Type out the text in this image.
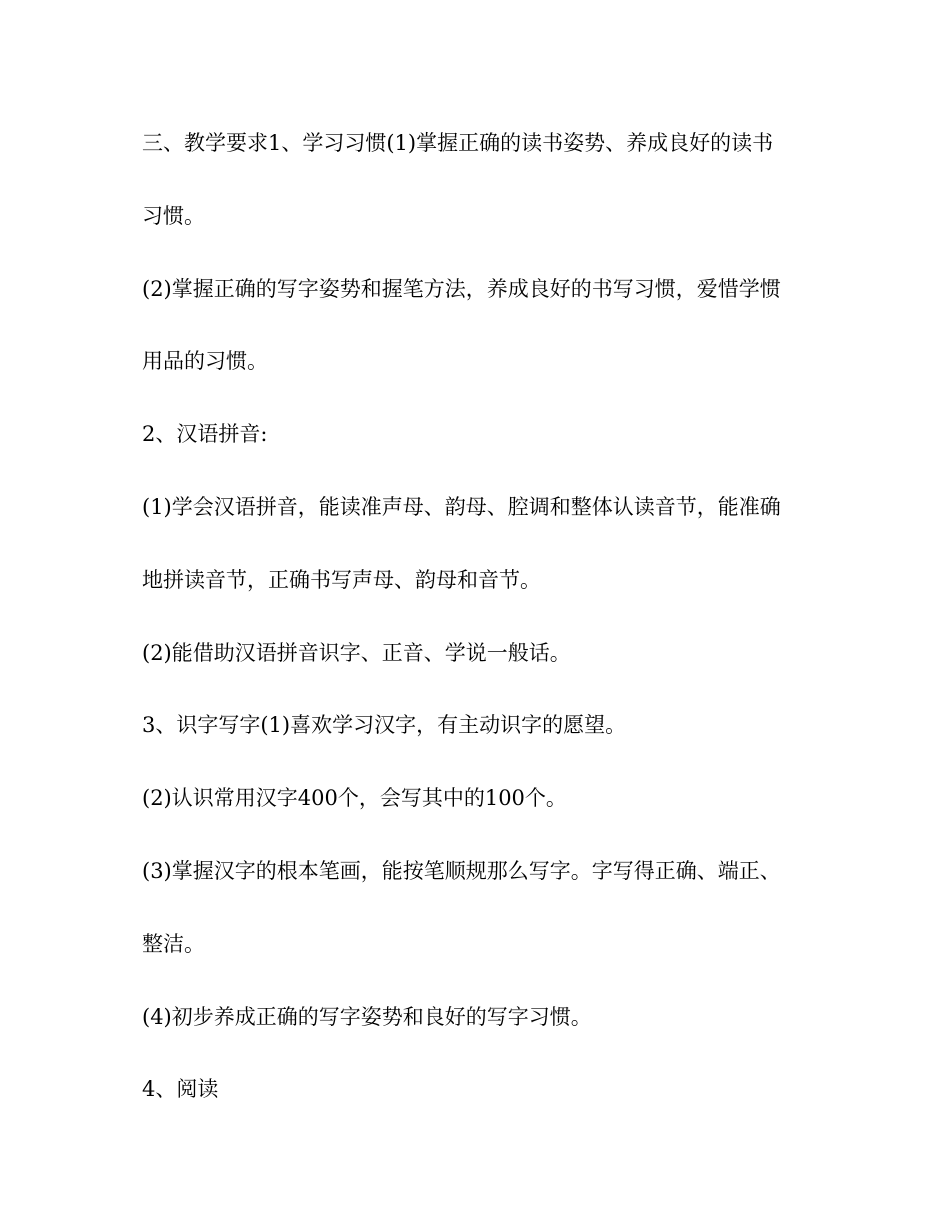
三、教学要求1、学习习惯(1)掌握正确的读书姿势、养成良好的读书

习惯。

(2)掌握正确的写字姿势和握笔方法，养成良好的书写习惯，爱惜学惯

用品的习惯。

2、汉语拼音:

(1)学会汉语拼音，能读准声母、韵母、腔调和整体认读音节，能准确

地拼读音节，正确书写声母、韵母和音节。

(2)能借助汉语拼音识字、正音、学说一般话。

3、识字写字(1)喜欢学习汉字，有主动识字的愿望。

(2)认识常用汉字400个，会写其中的100个。

(3)掌握汉字的根本笔画，能按笔顺规那么写字。字写得正确、端正、

整洁。

(4)初步养成正确的写字姿势和良好的写字习惯。

4、阅读
